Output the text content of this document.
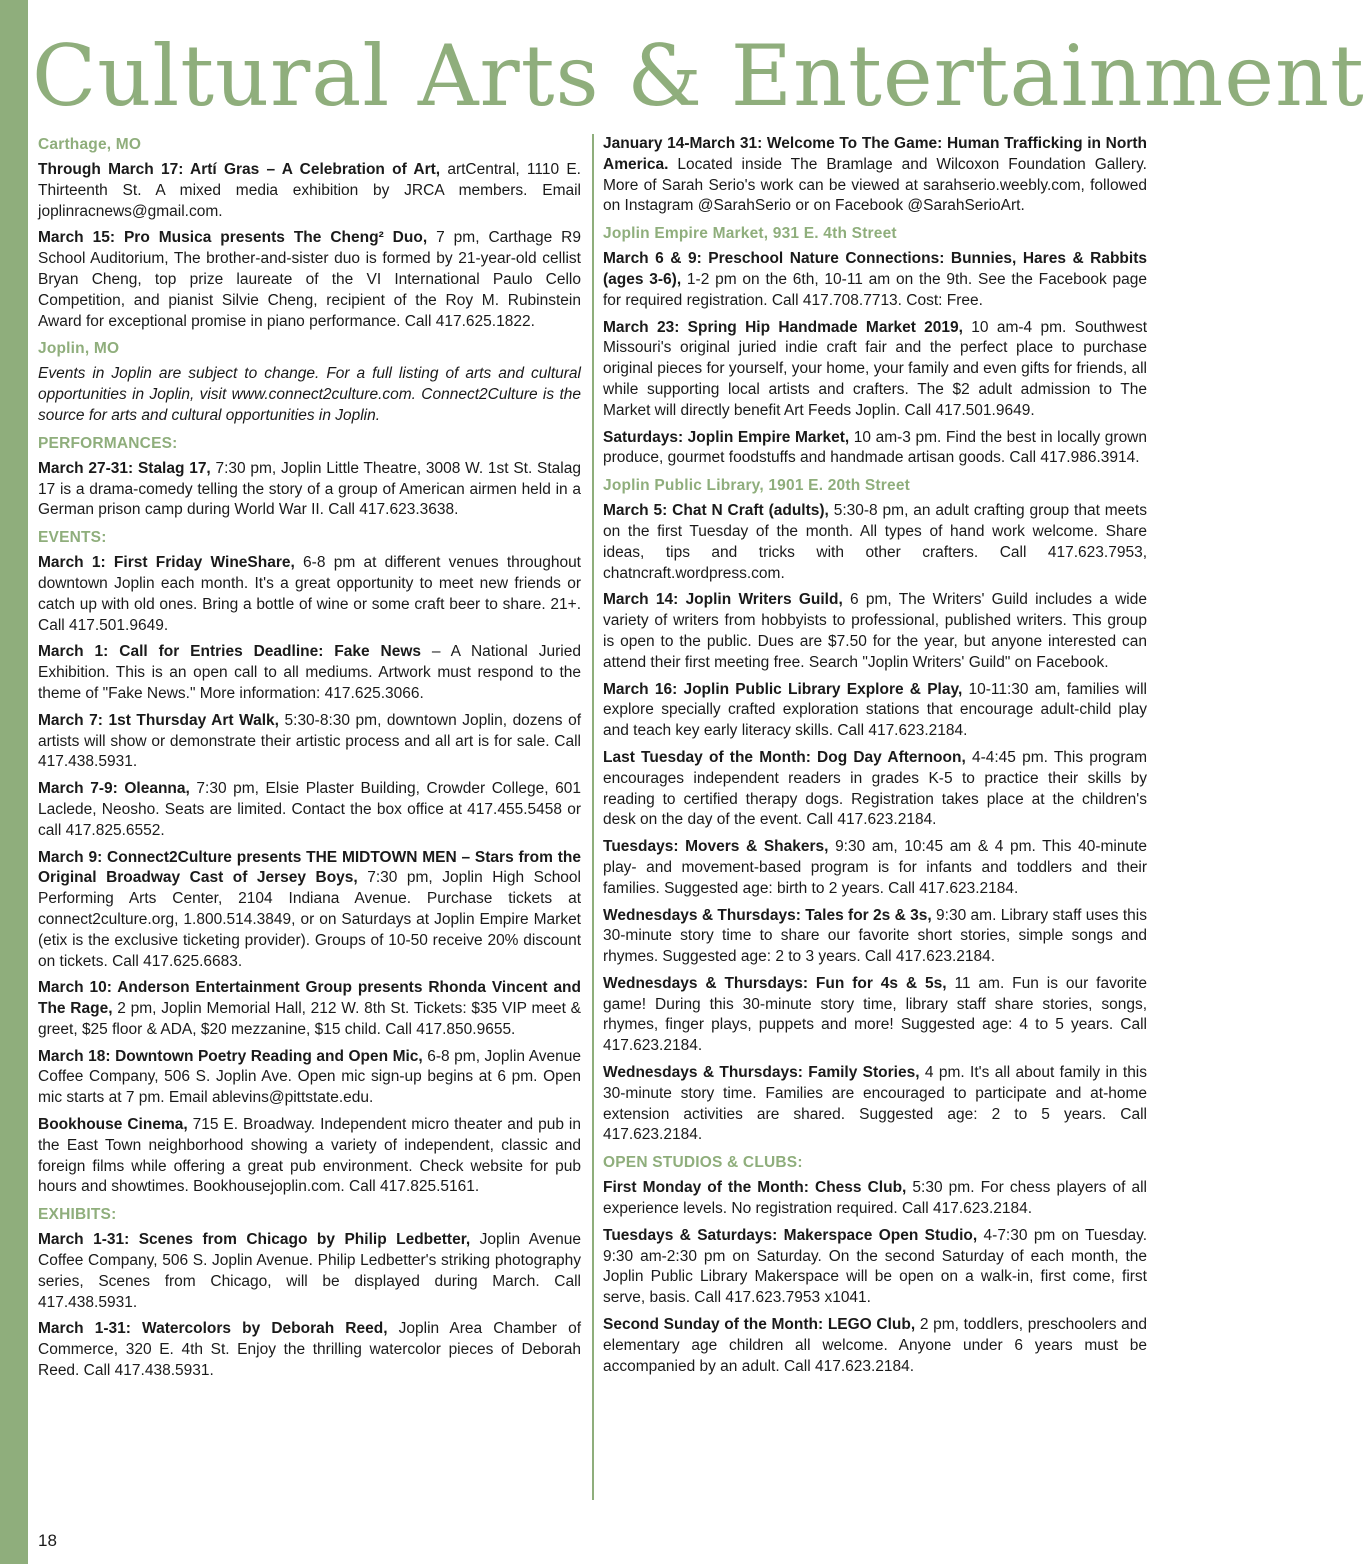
Cultural Arts & Entertainment

Carthage, MO

Through March 17: Artí Gras – A Celebration of Art, artCentral, 1110 E. Thirteenth St. A mixed media exhibition by JRCA members. Email joplinracnews@gmail.com.

March 15: Pro Musica presents The Cheng² Duo, 7 pm, Carthage R9 School Auditorium, The brother-and-sister duo is formed by 21-year-old cellist Bryan Cheng, top prize laureate of the VI International Paulo Cello Competition, and pianist Silvie Cheng, recipient of the Roy M. Rubinstein Award for exceptional promise in piano performance. Call 417.625.1822.

Joplin, MO

Events in Joplin are subject to change. For a full listing of arts and cultural opportunities in Joplin, visit www.connect2culture.com. Connect2Culture is the source for arts and cultural opportunities in Joplin.

PERFORMANCES:

March 27-31: Stalag 17, 7:30 pm, Joplin Little Theatre, 3008 W. 1st St. Stalag 17 is a drama-comedy telling the story of a group of American airmen held in a German prison camp during World War II. Call 417.623.3638.

EVENTS:

March 1: First Friday WineShare, 6-8 pm at different venues throughout downtown Joplin each month. It's a great opportunity to meet new friends or catch up with old ones. Bring a bottle of wine or some craft beer to share. 21+. Call 417.501.9649.

March 1: Call for Entries Deadline: Fake News – A National Juried Exhibition. This is an open call to all mediums. Artwork must respond to the theme of "Fake News." More information: 417.625.3066.

March 7: 1st Thursday Art Walk, 5:30-8:30 pm, downtown Joplin, dozens of artists will show or demonstrate their artistic process and all art is for sale. Call 417.438.5931.

March 7-9: Oleanna, 7:30 pm, Elsie Plaster Building, Crowder College, 601 Laclede, Neosho. Seats are limited. Contact the box office at 417.455.5458 or call 417.825.6552.

March 9: Connect2Culture presents THE MIDTOWN MEN – Stars from the Original Broadway Cast of Jersey Boys, 7:30 pm, Joplin High School Performing Arts Center, 2104 Indiana Avenue. Purchase tickets at connect2culture.org, 1.800.514.3849, or on Saturdays at Joplin Empire Market (etix is the exclusive ticketing provider). Groups of 10-50 receive 20% discount on tickets. Call 417.625.6683.

March 10: Anderson Entertainment Group presents Rhonda Vincent and The Rage, 2 pm, Joplin Memorial Hall, 212 W. 8th St. Tickets: $35 VIP meet & greet, $25 floor & ADA, $20 mezzanine, $15 child. Call 417.850.9655.

March 18: Downtown Poetry Reading and Open Mic, 6-8 pm, Joplin Avenue Coffee Company, 506 S. Joplin Ave. Open mic sign-up begins at 6 pm. Open mic starts at 7 pm. Email ablevins@pittstate.edu.

Bookhouse Cinema, 715 E. Broadway. Independent micro theater and pub in the East Town neighborhood showing a variety of independent, classic and foreign films while offering a great pub environment. Check website for pub hours and showtimes. Bookhousejoplin.com. Call 417.825.5161.

EXHIBITS:

March 1-31: Scenes from Chicago by Philip Ledbetter, Joplin Avenue Coffee Company, 506 S. Joplin Avenue. Philip Ledbetter's striking photography series, Scenes from Chicago, will be displayed during March. Call 417.438.5931.

March 1-31: Watercolors by Deborah Reed, Joplin Area Chamber of Commerce, 320 E. 4th St. Enjoy the thrilling watercolor pieces of Deborah Reed. Call 417.438.5931.

January 14-March 31: Welcome To The Game: Human Trafficking in North America. Located inside The Bramlage and Wilcoxon Foundation Gallery. More of Sarah Serio's work can be viewed at sarahserio.weebly.com, followed on Instagram @SarahSerio or on Facebook @SarahSerioArt.

Joplin Empire Market, 931 E. 4th Street

March 6 & 9: Preschool Nature Connections: Bunnies, Hares & Rabbits (ages 3-6), 1-2 pm on the 6th, 10-11 am on the 9th. See the Facebook page for required registration. Call 417.708.7713. Cost: Free.

March 23: Spring Hip Handmade Market 2019, 10 am-4 pm. Southwest Missouri's original juried indie craft fair and the perfect place to purchase original pieces for yourself, your home, your family and even gifts for friends, all while supporting local artists and crafters. The $2 adult admission to The Market will directly benefit Art Feeds Joplin. Call 417.501.9649.

Saturdays: Joplin Empire Market, 10 am-3 pm. Find the best in locally grown produce, gourmet foodstuffs and handmade artisan goods. Call 417.986.3914.

Joplin Public Library, 1901 E. 20th Street

March 5: Chat N Craft (adults), 5:30-8 pm, an adult crafting group that meets on the first Tuesday of the month. All types of hand work welcome. Share ideas, tips and tricks with other crafters. Call 417.623.7953, chatncraft.wordpress.com.

March 14: Joplin Writers Guild, 6 pm, The Writers' Guild includes a wide variety of writers from hobbyists to professional, published writers. This group is open to the public. Dues are $7.50 for the year, but anyone interested can attend their first meeting free. Search "Joplin Writers' Guild" on Facebook.

March 16: Joplin Public Library Explore & Play, 10-11:30 am, families will explore specially crafted exploration stations that encourage adult-child play and teach key early literacy skills. Call 417.623.2184.

Last Tuesday of the Month: Dog Day Afternoon, 4-4:45 pm. This program encourages independent readers in grades K-5 to practice their skills by reading to certified therapy dogs. Registration takes place at the children's desk on the day of the event. Call 417.623.2184.

Tuesdays: Movers & Shakers, 9:30 am, 10:45 am & 4 pm. This 40-minute play- and movement-based program is for infants and toddlers and their families. Suggested age: birth to 2 years. Call 417.623.2184.

Wednesdays & Thursdays: Tales for 2s & 3s, 9:30 am. Library staff uses this 30-minute story time to share our favorite short stories, simple songs and rhymes. Suggested age: 2 to 3 years. Call 417.623.2184.

Wednesdays & Thursdays: Fun for 4s & 5s, 11 am. Fun is our favorite game! During this 30-minute story time, library staff share stories, songs, rhymes, finger plays, puppets and more! Suggested age: 4 to 5 years. Call 417.623.2184.

Wednesdays & Thursdays: Family Stories, 4 pm. It's all about family in this 30-minute story time. Families are encouraged to participate and at-home extension activities are shared. Suggested age: 2 to 5 years. Call 417.623.2184.

OPEN STUDIOS & CLUBS:

First Monday of the Month: Chess Club, 5:30 pm. For chess players of all experience levels. No registration required. Call 417.623.2184.

Tuesdays & Saturdays: Makerspace Open Studio, 4-7:30 pm on Tuesday. 9:30 am-2:30 pm on Saturday. On the second Saturday of each month, the Joplin Public Library Makerspace will be open on a walk-in, first come, first serve, basis. Call 417.623.7953 x1041.

Second Sunday of the Month: LEGO Club, 2 pm, toddlers, preschoolers and elementary age children all welcome. Anyone under 6 years must be accompanied by an adult. Call 417.623.2184.

18
